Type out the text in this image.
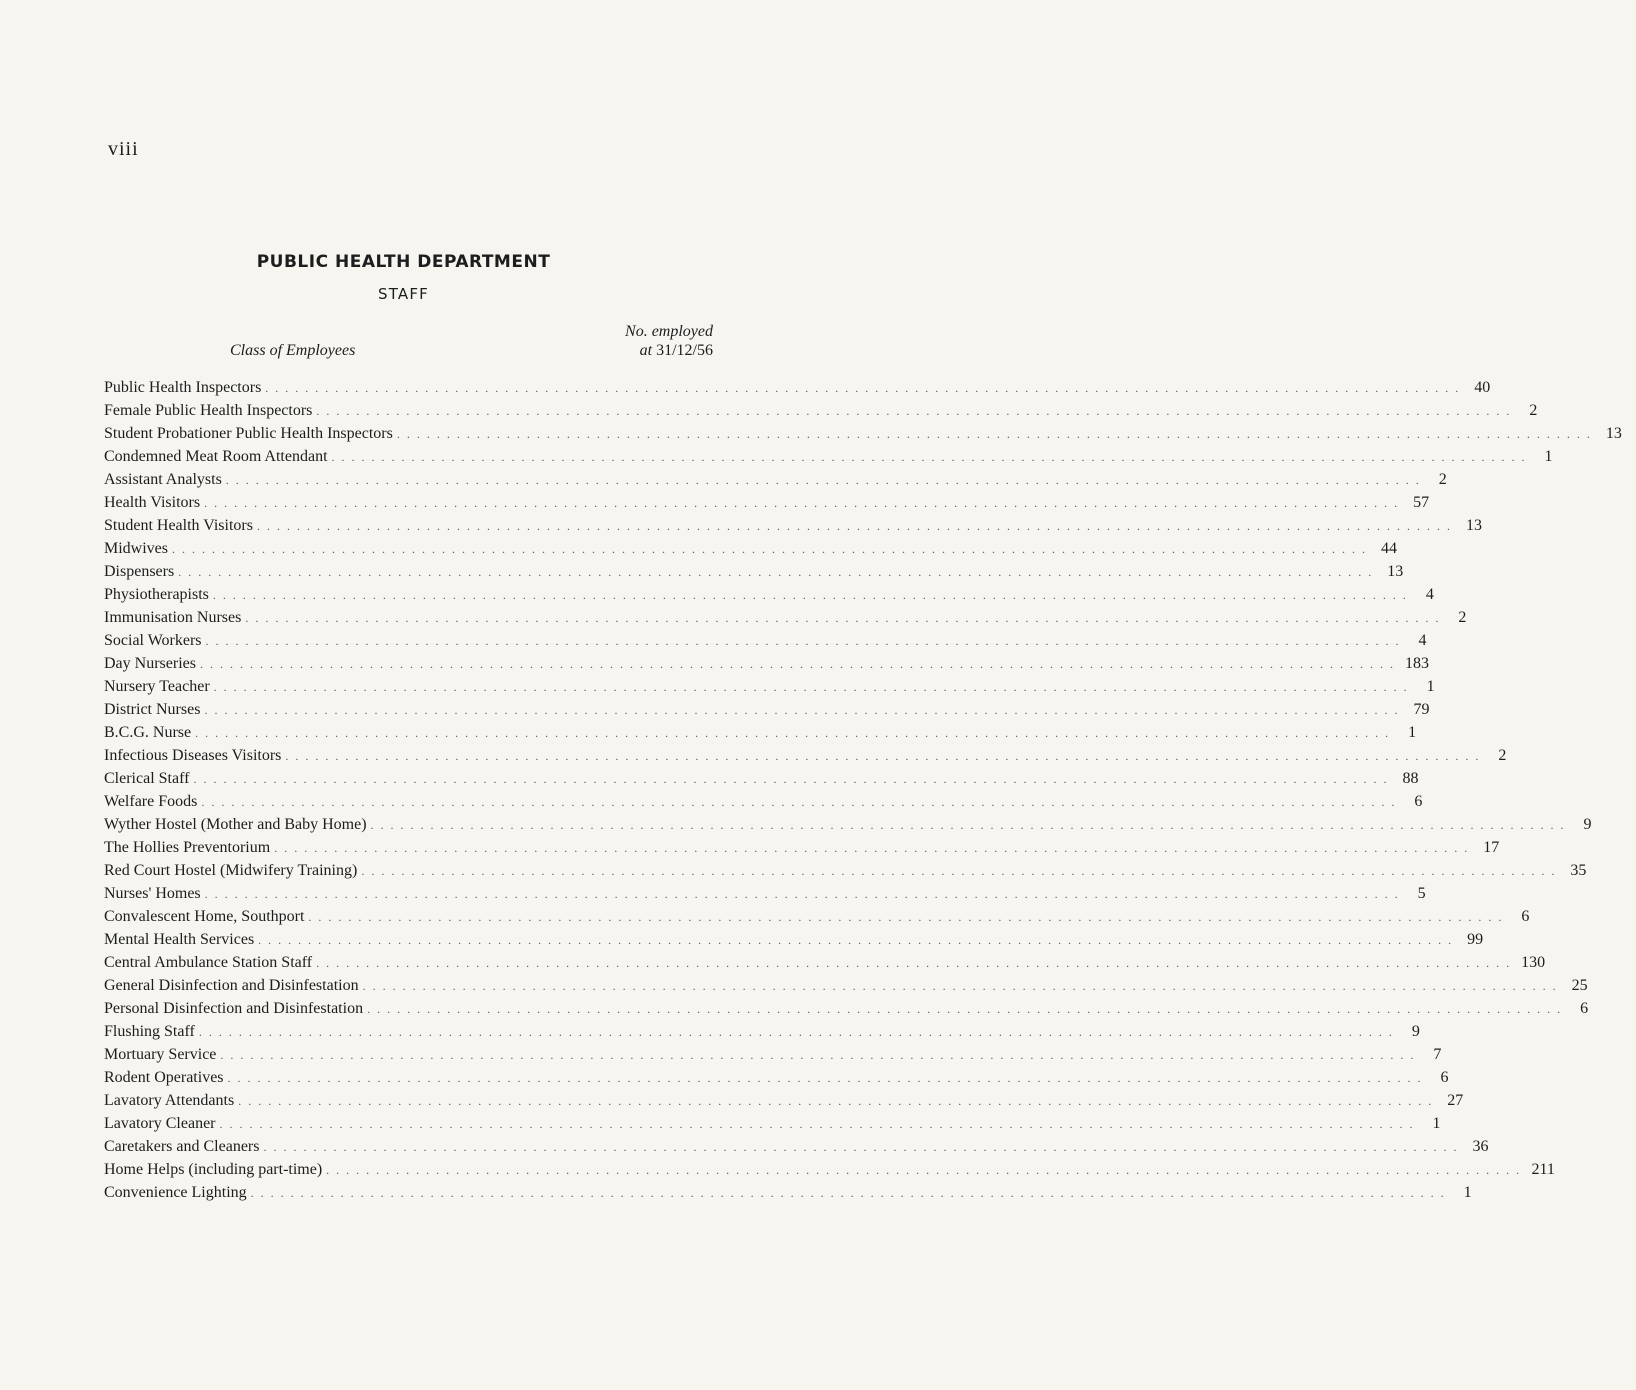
viii
PUBLIC HEALTH DEPARTMENT
STAFF
Class of Employees
No. employed
at 31/12/56
Public Health Inspectors . . . . . . . . . . . . . . . . . . . . . . . . . . . . . . . . . . . . . . . . . . . . . . . . . . . . . . . . . . . . . . . . . . . . . . . . . . . . . . . . . . . . . . . . . . . . . . . . . . . . . . . . . . . . . . . . . . . . . . . . 40
Female Public Health Inspectors . . . . . . . . . . . . . . . . . . . . . . . . . . . . . . . . . . . . . . . . . . . . . . . . . . . . . . . . . . . . . . . . . . . . . . . . . . . . . . . . . . . . . . . . . . . . . . . . . . . . . . . . . . . . . . . . . . . . . . . .	2
Student Probationer Public Health Inspectors . . . . . . . . . . . . . . . . . . . . . . . . . . . . . . . . . . . . . . . . . . . . . . . . . . . . . . . . . . . . . . . . . . . . . . . . . . . . . . . . . . . . . . . . . . . . . . . . . . . . . . . . . . . . . . . . . . . . . . . . 13
Condemned Meat Room Attendant . . . . . . . . . . . . . . . . . . . . . . . . . . . . . . . . . . . . . . . . . . . . . . . . . . . . . . . . . . . . . . . . . . . . . . . . . . . . . . . . . . . . . . . . . . . . . . . . . . . . . . . . . . . . . . . . . . . . . . . .	1
Assistant Analysts . . . . . . . . . . . . . . . . . . . . . . . . . . . . . . . . . . . . . . . . . . . . . . . . . . . . . . . . . . . . . . . . . . . . . . . . . . . . . . . . . . . . . . . . . . . . . . . . . . . . . . . . . . . . . . . . . . . . . . . .	2
Health Visitors . . . . . . . . . . . . . . . . . . . . . . . . . . . . . . . . . . . . . . . . . . . . . . . . . . . . . . . . . . . . . . . . . . . . . . . . . . . . . . . . . . . . . . . . . . . . . . . . . . . . . . . . . . . . . . . . . . . . . . . . 57
Student Health Visitors . . . . . . . . . . . . . . . . . . . . . . . . . . . . . . . . . . . . . . . . . . . . . . . . . . . . . . . . . . . . . . . . . . . . . . . . . . . . . . . . . . . . . . . . . . . . . . . . . . . . . . . . . . . . . . . . . . . . . . . . 13
Midwives . . . . . . . . . . . . . . . . . . . . . . . . . . . . . . . . . . . . . . . . . . . . . . . . . . . . . . . . . . . . . . . . . . . . . . . . . . . . . . . . . . . . . . . . . . . . . . . . . . . . . . . . . . . . . . . . . . . . . . . . 44
Dispensers . . . . . . . . . . . . . . . . . . . . . . . . . . . . . . . . . . . . . . . . . . . . . . . . . . . . . . . . . . . . . . . . . . . . . . . . . . . . . . . . . . . . . . . . . . . . . . . . . . . . . . . . . . . . . . . . . . . . . . . . 13
Physiotherapists . . . . . . . . . . . . . . . . . . . . . . . . . . . . . . . . . . . . . . . . . . . . . . . . . . . . . . . . . . . . . . . . . . . . . . . . . . . . . . . . . . . . . . . . . . . . . . . . . . . . . . . . . . . . . . . . . . . . . . . .	4
Immunisation Nurses . . . . . . . . . . . . . . . . . . . . . . . . . . . . . . . . . . . . . . . . . . . . . . . . . . . . . . . . . . . . . . . . . . . . . . . . . . . . . . . . . . . . . . . . . . . . . . . . . . . . . . . . . . . . . . . . . . . . . . . .	2
Social Workers . . . . . . . . . . . . . . . . . . . . . . . . . . . . . . . . . . . . . . . . . . . . . . . . . . . . . . . . . . . . . . . . . . . . . . . . . . . . . . . . . . . . . . . . . . . . . . . . . . . . . . . . . . . . . . . . . . . . . . . .	4
Day Nurseries . . . . . . . . . . . . . . . . . . . . . . . . . . . . . . . . . . . . . . . . . . . . . . . . . . . . . . . . . . . . . . . . . . . . . . . . . . . . . . . . . . . . . . . . . . . . . . . . . . . . . . . . . . . . . . . . . . . . . . . . 183
Nursery Teacher . . . . . . . . . . . . . . . . . . . . . . . . . . . . . . . . . . . . . . . . . . . . . . . . . . . . . . . . . . . . . . . . . . . . . . . . . . . . . . . . . . . . . . . . . . . . . . . . . . . . . . . . . . . . . . . . . . . . . . . .	1
District Nurses . . . . . . . . . . . . . . . . . . . . . . . . . . . . . . . . . . . . . . . . . . . . . . . . . . . . . . . . . . . . . . . . . . . . . . . . . . . . . . . . . . . . . . . . . . . . . . . . . . . . . . . . . . . . . . . . . . . . . . . . 79
B.C.G. Nurse . . . . . . . . . . . . . . . . . . . . . . . . . . . . . . . . . . . . . . . . . . . . . . . . . . . . . . . . . . . . . . . . . . . . . . . . . . . . . . . . . . . . . . . . . . . . . . . . . . . . . . . . . . . . . . . . . . . . . . . .	1
Infectious Diseases Visitors . . . . . . . . . . . . . . . . . . . . . . . . . . . . . . . . . . . . . . . . . . . . . . . . . . . . . . . . . . . . . . . . . . . . . . . . . . . . . . . . . . . . . . . . . . . . . . . . . . . . . . . . . . . . . . . . . . . . . . . .	2
Clerical Staff . . . . . . . . . . . . . . . . . . . . . . . . . . . . . . . . . . . . . . . . . . . . . . . . . . . . . . . . . . . . . . . . . . . . . . . . . . . . . . . . . . . . . . . . . . . . . . . . . . . . . . . . . . . . . . . . . . . . . . . . 88
Welfare Foods . . . . . . . . . . . . . . . . . . . . . . . . . . . . . . . . . . . . . . . . . . . . . . . . . . . . . . . . . . . . . . . . . . . . . . . . . . . . . . . . . . . . . . . . . . . . . . . . . . . . . . . . . . . . . . . . . . . . . . . .	6
Wyther Hostel (Mother and Baby Home) . . . . . . . . . . . . . . . . . . . . . . . . . . . . . . . . . . . . . . . . . . . . . . . . . . . . . . . . . . . . . . . . . . . . . . . . . . . . . . . . . . . . . . . . . . . . . . . . . . . . . . . . . . . . . . . . . . . . . . . .	9
The Hollies Preventorium . . . . . . . . . . . . . . . . . . . . . . . . . . . . . . . . . . . . . . . . . . . . . . . . . . . . . . . . . . . . . . . . . . . . . . . . . . . . . . . . . . . . . . . . . . . . . . . . . . . . . . . . . . . . . . . . . . . . . . . . 17
Red Court Hostel (Midwifery Training) . . . . . . . . . . . . . . . . . . . . . . . . . . . . . . . . . . . . . . . . . . . . . . . . . . . . . . . . . . . . . . . . . . . . . . . . . . . . . . . . . . . . . . . . . . . . . . . . . . . . . . . . . . . . . . . . . . . . . . . . 35
Nurses' Homes . . . . . . . . . . . . . . . . . . . . . . . . . . . . . . . . . . . . . . . . . . . . . . . . . . . . . . . . . . . . . . . . . . . . . . . . . . . . . . . . . . . . . . . . . . . . . . . . . . . . . . . . . . . . . . . . . . . . . . . .	5
Convalescent Home, Southport . . . . . . . . . . . . . . . . . . . . . . . . . . . . . . . . . . . . . . . . . . . . . . . . . . . . . . . . . . . . . . . . . . . . . . . . . . . . . . . . . . . . . . . . . . . . . . . . . . . . . . . . . . . . . . . . . . . . . . . .	6
Mental Health Services . . . . . . . . . . . . . . . . . . . . . . . . . . . . . . . . . . . . . . . . . . . . . . . . . . . . . . . . . . . . . . . . . . . . . . . . . . . . . . . . . . . . . . . . . . . . . . . . . . . . . . . . . . . . . . . . . . . . . . . . 99
Central Ambulance Station Staff . . . . . . . . . . . . . . . . . . . . . . . . . . . . . . . . . . . . . . . . . . . . . . . . . . . . . . . . . . . . . . . . . . . . . . . . . . . . . . . . . . . . . . . . . . . . . . . . . . . . . . . . . . . . . . . . . . . . . . . . 130
General Disinfection and Disinfestation . . . . . . . . . . . . . . . . . . . . . . . . . . . . . . . . . . . . . . . . . . . . . . . . . . . . . . . . . . . . . . . . . . . . . . . . . . . . . . . . . . . . . . . . . . . . . . . . . . . . . . . . . . . . . . . . . . . . . . . . 25
Personal Disinfection and Disinfestation . . . . . . . . . . . . . . . . . . . . . . . . . . . . . . . . . . . . . . . . . . . . . . . . . . . . . . . . . . . . . . . . . . . . . . . . . . . . . . . . . . . . . . . . . . . . . . . . . . . . . . . . . . . . . . . . . . . . . . . .	6
Flushing Staff . . . . . . . . . . . . . . . . . . . . . . . . . . . . . . . . . . . . . . . . . . . . . . . . . . . . . . . . . . . . . . . . . . . . . . . . . . . . . . . . . . . . . . . . . . . . . . . . . . . . . . . . . . . . . . . . . . . . . . . .	9
Mortuary Service . . . . . . . . . . . . . . . . . . . . . . . . . . . . . . . . . . . . . . . . . . . . . . . . . . . . . . . . . . . . . . . . . . . . . . . . . . . . . . . . . . . . . . . . . . . . . . . . . . . . . . . . . . . . . . . . . . . . . . . .	7
Rodent Operatives . . . . . . . . . . . . . . . . . . . . . . . . . . . . . . . . . . . . . . . . . . . . . . . . . . . . . . . . . . . . . . . . . . . . . . . . . . . . . . . . . . . . . . . . . . . . . . . . . . . . . . . . . . . . . . . . . . . . . . . .	6
Lavatory Attendants . . . . . . . . . . . . . . . . . . . . . . . . . . . . . . . . . . . . . . . . . . . . . . . . . . . . . . . . . . . . . . . . . . . . . . . . . . . . . . . . . . . . . . . . . . . . . . . . . . . . . . . . . . . . . . . . . . . . . . . . 27
Lavatory Cleaner . . . . . . . . . . . . . . . . . . . . . . . . . . . . . . . . . . . . . . . . . . . . . . . . . . . . . . . . . . . . . . . . . . . . . . . . . . . . . . . . . . . . . . . . . . . . . . . . . . . . . . . . . . . . . . . . . . . . . . . .	1
Caretakers and Cleaners . . . . . . . . . . . . . . . . . . . . . . . . . . . . . . . . . . . . . . . . . . . . . . . . . . . . . . . . . . . . . . . . . . . . . . . . . . . . . . . . . . . . . . . . . . . . . . . . . . . . . . . . . . . . . . . . . . . . . . . . 36
Home Helps (including part-time) . . . . . . . . . . . . . . . . . . . . . . . . . . . . . . . . . . . . . . . . . . . . . . . . . . . . . . . . . . . . . . . . . . . . . . . . . . . . . . . . . . . . . . . . . . . . . . . . . . . . . . . . . . . . . . . . . . . . . . . . 211
Convenience Lighting . . . . . . . . . . . . . . . . . . . . . . . . . . . . . . . . . . . . . . . . . . . . . . . . . . . . . . . . . . . . . . . . . . . . . . . . . . . . . . . . . . . . . . . . . . . . . . . . . . . . . . . . . . . . . . . . . . . . . . . .	1
